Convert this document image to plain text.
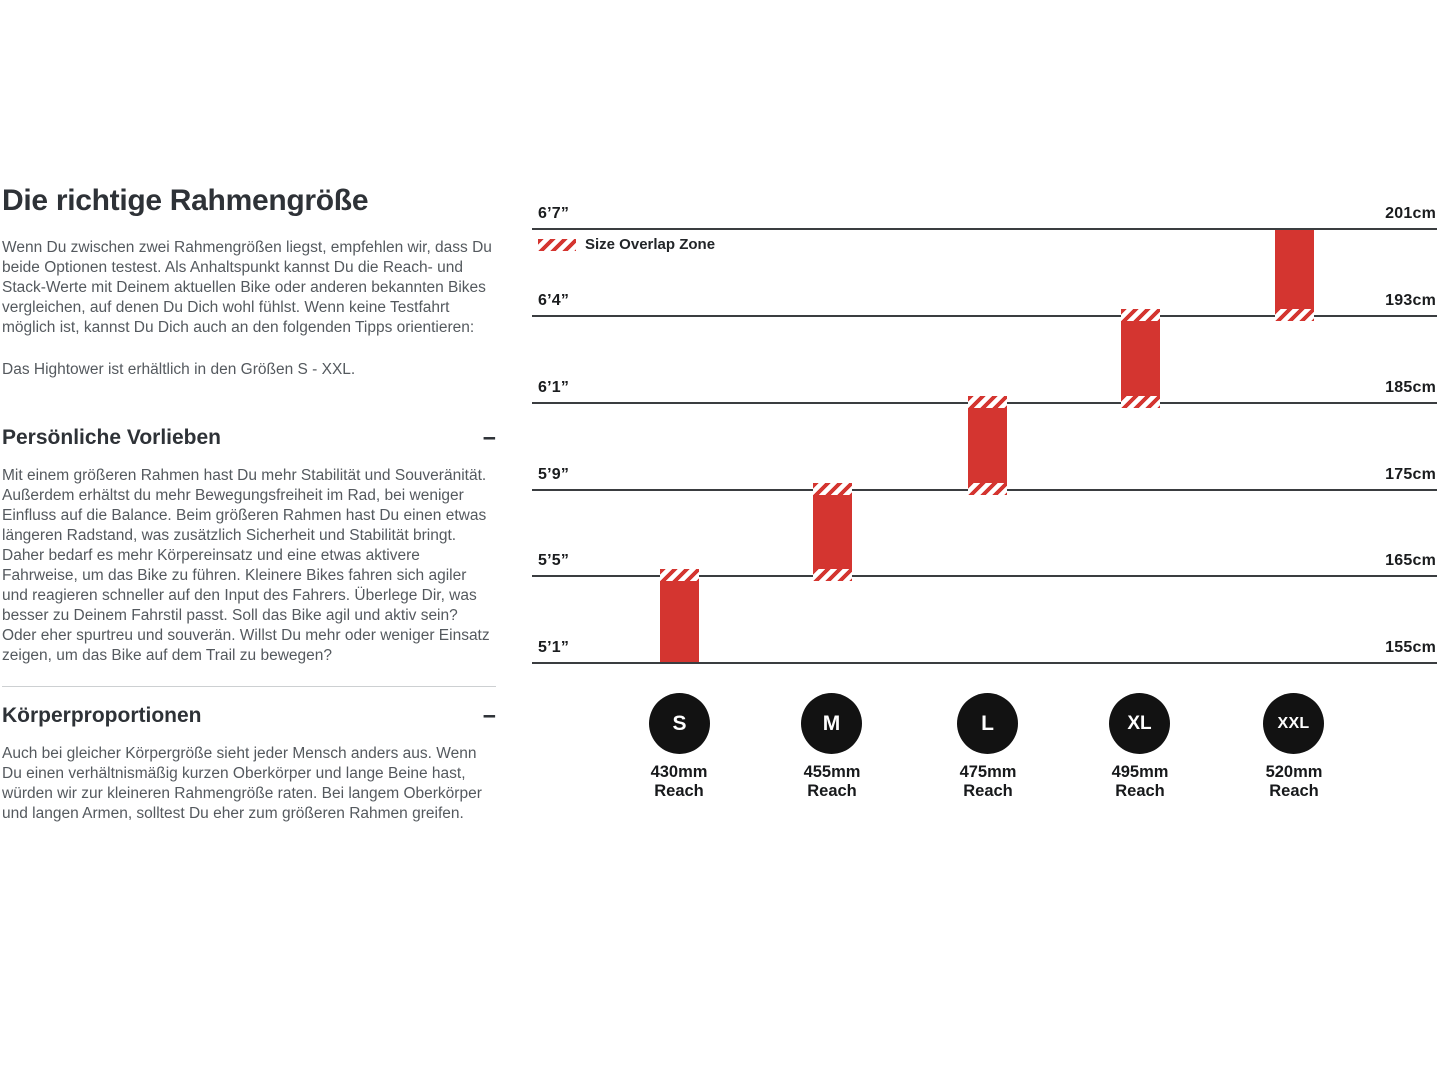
Die richtige Rahmengröße

Wenn Du zwischen zwei Rahmengrößen liegst, empfehlen wir, dass Du beide Optionen testest. Als Anhaltspunkt kannst Du die Reach- und Stack-Werte mit Deinem aktuellen Bike oder anderen bekannten Bikes vergleichen, auf denen Du Dich wohl fühlst. Wenn keine Testfahrt möglich ist, kannst Du Dich auch an den folgenden Tipps orientieren:

Das Hightower ist erhältlich in den Größen S - XXL.

Persönliche Vorlieben	−

Mit einem größeren Rahmen hast Du mehr Stabilität und Souveränität. Außerdem erhältst du mehr Bewegungsfreiheit im Rad, bei weniger Einfluss auf die Balance. Beim größeren Rahmen hast Du einen etwas längeren Radstand, was zusätzlich Sicherheit und Stabilität bringt. Daher bedarf es mehr Körpereinsatz und eine etwas aktivere Fahrweise, um das Bike zu führen. Kleinere Bikes fahren sich agiler und reagieren schneller auf den Input des Fahrers. Überlege Dir, was besser zu Deinem Fahrstil passt. Soll das Bike agil und aktiv sein? Oder eher spurtreu und souverän. Willst Du mehr oder weniger Einsatz zeigen, um das Bike auf dem Trail zu bewegen?

Körperproportionen	−

Auch bei gleicher Körpergröße sieht jeder Mensch anders aus. Wenn Du einen verhältnismäßig kurzen Oberkörper und lange Beine hast, würden wir zur kleineren Rahmengröße raten. Bei langem Oberkörper und langen Armen, solltest Du eher zum größeren Rahmen greifen.

6’7”
6’4”
6’1”
5’9”
5’5”
5’1”
201cm
193cm
185cm
175cm
165cm
155cm
Size Overlap Zone
S	M	L	XL	XXL
430mm
Reach
455mm
Reach
475mm
Reach
495mm
Reach
520mm
Reach
